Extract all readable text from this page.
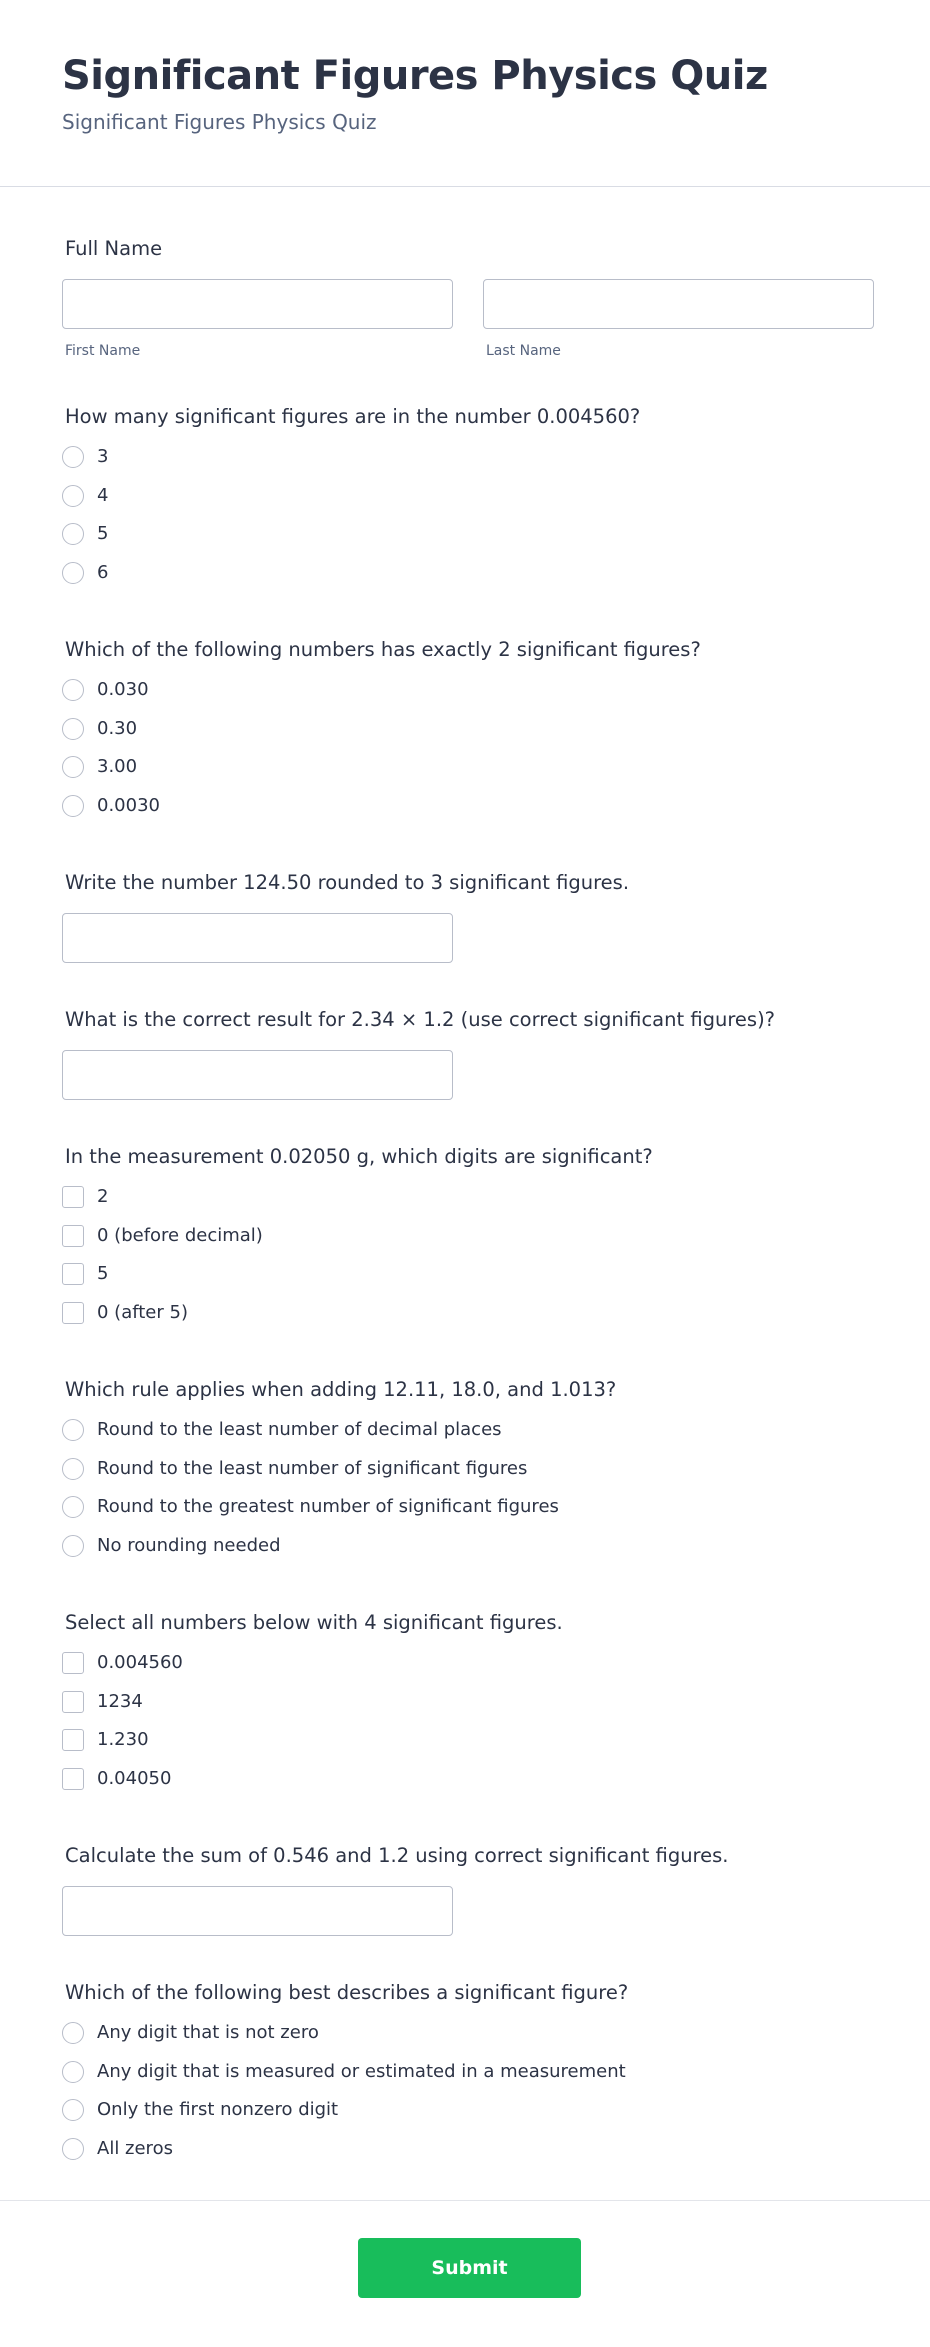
Significant Figures Physics Quiz
Significant Figures Physics Quiz
Full Name
First Name	Last Name
How many significant figures are in the number 0.004560?
3
4
5
6
Which of the following numbers has exactly 2 significant figures?
0.030
0.30
3.00
0.0030
Write the number 124.50 rounded to 3 significant figures.
What is the correct result for 2.34 × 1.2 (use correct significant figures)?
In the measurement 0.02050 g, which digits are significant?
2
0 (before decimal)
5
0 (after 5)
Which rule applies when adding 12.11, 18.0, and 1.013?
Round to the least number of decimal places
Round to the least number of significant figures
Round to the greatest number of significant figures
No rounding needed
Select all numbers below with 4 significant figures.
0.004560
1234
1.230
0.04050
Calculate the sum of 0.546 and 1.2 using correct significant figures.
Which of the following best describes a significant figure?
Any digit that is not zero
Any digit that is measured or estimated in a measurement
Only the first nonzero digit
All zeros
Submit
